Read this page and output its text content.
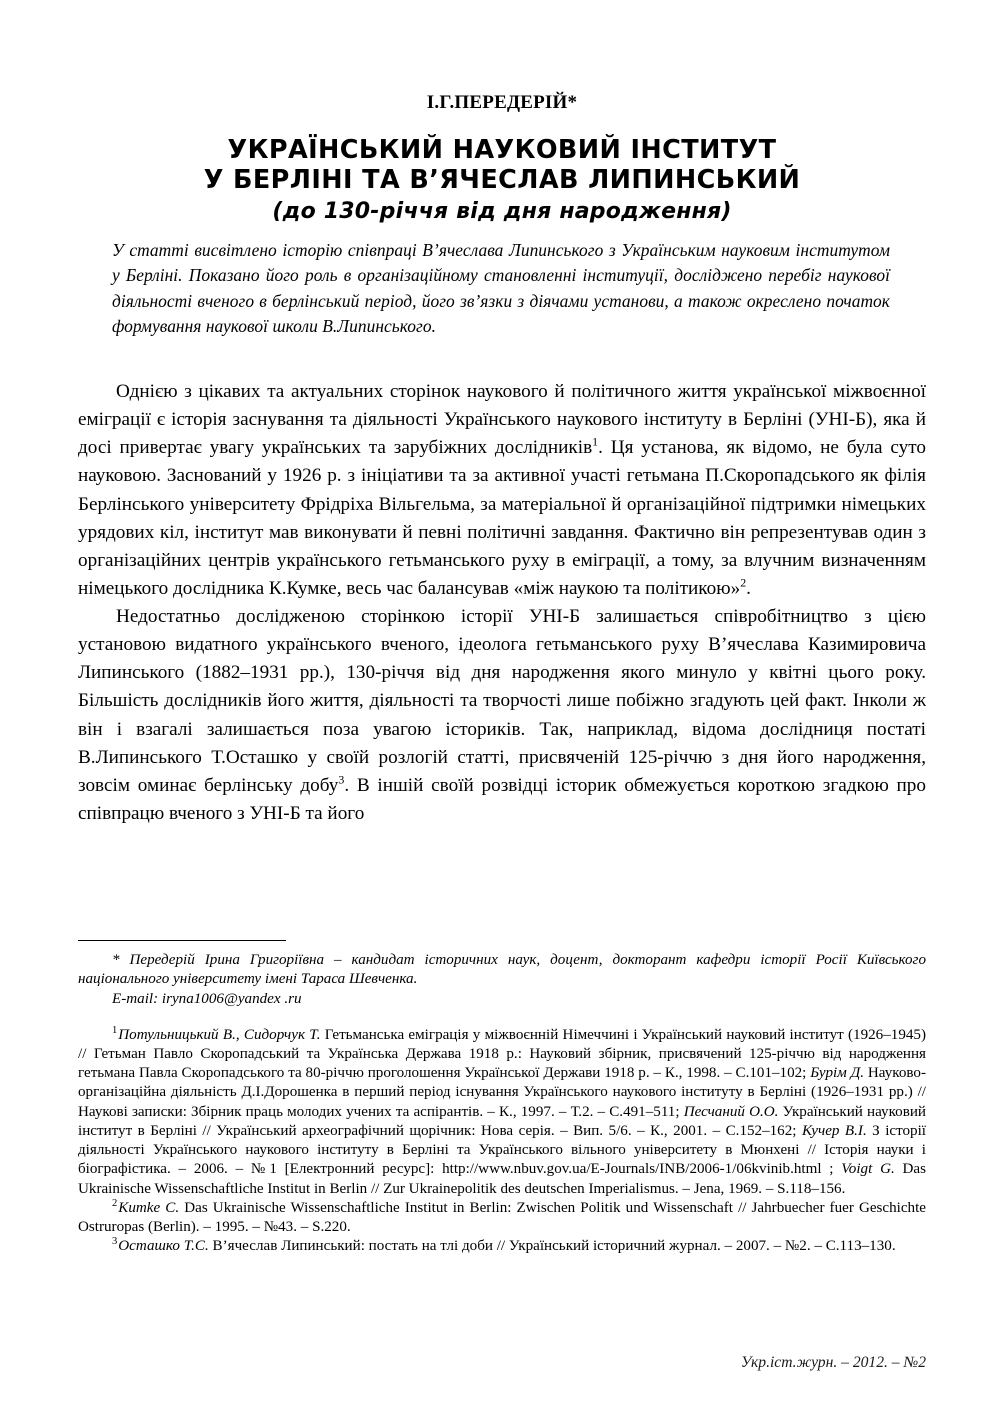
І.Г.ПЕРЕДЕРІЙ*
УКРАЇНСЬКИЙ НАУКОВИЙ ІНСТИТУТ
У БЕРЛІНІ ТА В’ЯЧЕСЛАВ ЛИПИНСЬКИЙ
(до 130-річчя від дня народження)

У статті висвітлено історію співпраці В’ячеслава Липинського з Українським науковим інститутом у Берліні. Показано його роль в організаційному становленні інституції, досліджено перебіг наукової діяльності вченого в берлінський період, його зв’язки з діячами установи, а також окреслено початок формування наукової школи В.Липинського.

Однією з цікавих та актуальних сторінок наукового й політичного життя української міжвоєнної еміграції є історія заснування та діяльності Українського наукового інституту в Берліні (УНІ-Б), яка й досі привертає увагу українських та зарубіжних дослідників$^1$. Ця установа, як відомо, не була суто науковою. Заснований у 1926 р. з ініціативи та за активної участі гетьмана П.Скоропадського як філія Берлінського університету Фрідріха Вільгельма, за матеріальної й організаційної підтримки німецьких урядових кіл, інститут мав виконувати й певні політичні завдання. Фактично він репрезентував один з організаційних центрів українського гетьманського руху в еміграції, а тому, за влучним визначенням німецького дослідника К.Кумке, весь час балансував «між наукою та політикою»$^2$.

Недостатньо дослідженою сторінкою історії УНІ-Б залишається співробітництво з цією установою видатного українського вченого, ідеолога гетьманського руху В’ячеслава Казимировича Липинського (1882–1931 рр.), 130-річчя від дня народження якого минуло у квітні цього року. Більшість дослідників його життя, діяльності та творчості лише побіжно згадують цей факт. Інколи ж він і взагалі залишається поза увагою істориків. Так, наприклад, відома дослідниця постаті В.Липинського Т.Осташко у своїй розлогій статті, присвяченій 125-річчю з дня його народження, зовсім оминає берлінську добу$^3$. В іншій своїй розвідці історик обмежується короткою згадкою про співпрацю вченого з УНІ-Б та його

* Передерій Ірина Григоріївна – кандидат історичних наук, доцент, докторант кафедри історії Росії Київського національного університету імені Тараса Шевченка.

E-mail: iryna1006@yandex .ru

$^1$Потульницький В., Сидорчук Т. Гетьманська еміграція у міжвоєнній Німеччині і Український науковий інститут (1926–1945) // Гетьман Павло Скоропадський та Українська Держава 1918 р.: Науковий збірник, присвячений 125-річчю від народження гетьмана Павла Скоропадського та 80-річчю проголошення Української Держави 1918 р. – К., 1998. – С.101–102; Бурім Д. Науково-організаційна діяльність Д.І.Дорошенка в перший період існування Українського наукового інституту в Берліні (1926–1931 рр.) // Наукові записки: Збірник праць молодих учених та аспірантів. – К., 1997. – Т.2. – С.491–511; Песчаний О.О. Український науковий інститут в Берліні // Український археографічний щорічник: Нова серія. – Вип. 5/6. – К., 2001. – С.152–162; Кучер В.І. З історії діяльності Українського наукового інституту в Берліні та Українського вільного університету в Мюнхені // Історія науки і біографістика. – 2006. – №1 [Електронний ресурс]: http://www.nbuv.gov.ua/E-Journals/INB/2006-1/06kvinib.html ; Voigt G. Das Ukrainische Wissenschaftliche Institut in Berlin // Zur Ukrainepolitik des deutschen Imperialismus. – Jena, 1969. – S.118–156.

$^2$Kumke C. Das Ukrainische Wissenschaftliche Institut in Berlin: Zwischen Politik und Wissenschaft // Jahrbuecher fuer Geschichte Ostruropas (Berlin). – 1995. – №43. – S.220.

$^3$Осташко Т.С. В’ячеслав Липинський: постать на тлі доби // Український історичний журнал. – 2007. – №2. – С.113–130.

Укр.іст.журн. – 2012. – №2
